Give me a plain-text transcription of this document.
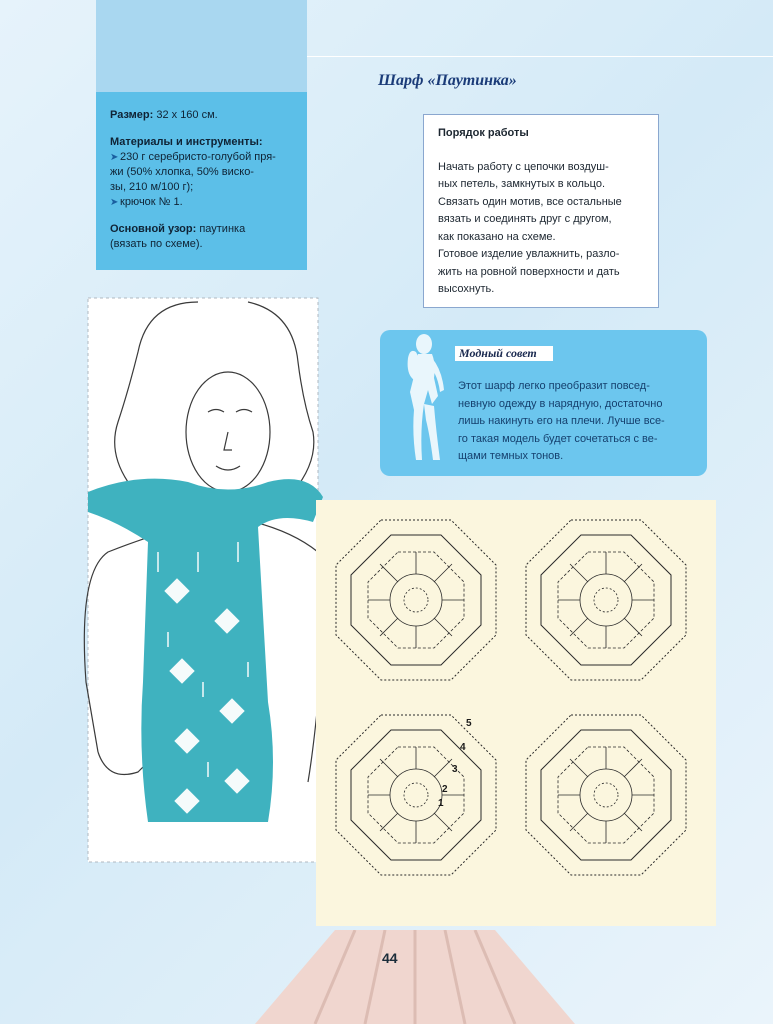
Шарф «Паутинка»
Размер: 32 х 160 см.
Материалы и инструменты:
➤ 230 г серебристо-голубой пря-
жи (50% хлопка, 50% виско-
зы, 210 м/100 г);
➤ крючок № 1.
Основной узор: паутинка
(вязать по схеме).
Порядок работы
Начать работу с цепочки воздуш-
ных петель, замкнутых в кольцо.
Связать один мотив, все остальные
вязать и соединять друг с другом,
как показано на схеме.
Готовое изделие увлажнить, разло-
жить на ровной поверхности и дать
высохнуть.
Модный совет
Этот шарф легко преобразит повсед-
невную одежду в нарядную, достаточно
лишь накинуть его на плечи. Лучше все-
го такая модель будет сочетаться с ве-
щами темных тонов.
1
2
3
4
5
44
